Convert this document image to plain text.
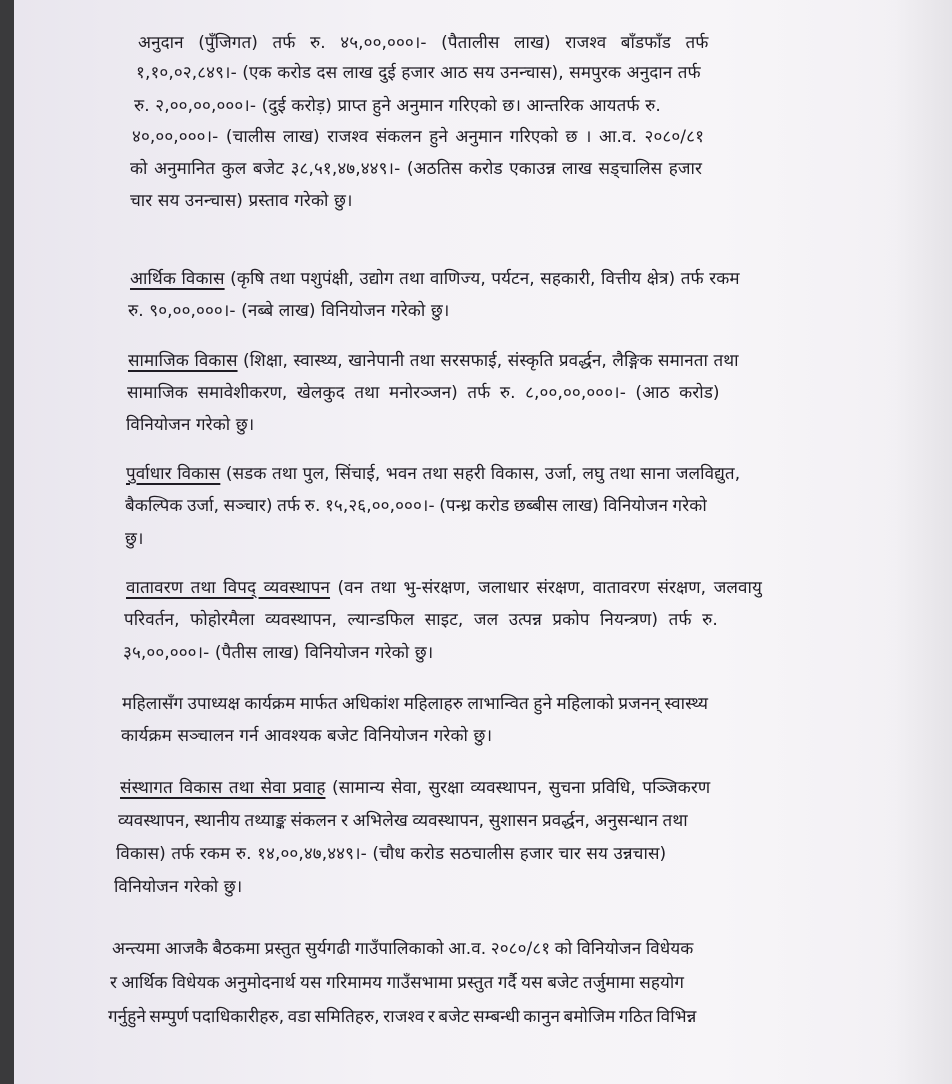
अनुदान (पुँजिगत) तर्फ रु. ४५,००,०००।- (पैतालीस लाख) राजश्व बाँडफाँड तर्फ
१,१०,०२,८४९।- (एक करोड दस लाख दुई हजार आठ सय उनन्चास), समपुरक अनुदान तर्फ
रु. २,००,००,०००।- (दुई करोड़) प्राप्त हुने अनुमान गरिएको छ। आन्तरिक आयतर्फ रु.
४०,००,०००।- (चालीस लाख) राजश्व संकलन हुने अनुमान गरिएको छ । आ.व. २०८०/८१
को अनुमानित कुल बजेट ३८,५१,४७,४४९।- (अठतिस करोड एकाउन्न लाख सड्चालिस हजार
चार सय उनन्चास) प्रस्ताव गरेको छु।
आर्थिक विकास (कृषि तथा पशुपंक्षी, उद्योग तथा वाणिज्य, पर्यटन, सहकारी, वित्तीय क्षेत्र) तर्फ रकम
रु. ९०,००,०००।- (नब्बे लाख) विनियोजन गरेको छु।
सामाजिक विकास (शिक्षा, स्वास्थ्य, खानेपानी तथा सरसफाई, संस्कृति प्रवर्द्धन, लैङ्गिक समानता तथा
सामाजिक समावेशीकरण, खेलकुद तथा मनोरञ्जन) तर्फ रु. ८,००,००,०००।- (आठ करोड)
विनियोजन गरेको छु।
पुर्वाधार विकास (सडक तथा पुल, सिंचाई, भवन तथा सहरी विकास, उर्जा, लघु तथा साना जलविद्युत,
बैकल्पिक उर्जा, सञ्चार) तर्फ रु. १५,२६,००,०००।- (पन्ध्र करोड छब्बीस लाख) विनियोजन गरेको
छु।
वातावरण तथा विपद् व्यवस्थापन (वन तथा भु-संरक्षण, जलाधार संरक्षण, वातावरण संरक्षण, जलवायु
परिवर्तन, फोहोरमैला व्यवस्थापन, ल्यान्डफिल साइट, जल उत्पन्न प्रकोप नियन्त्रण) तर्फ रु.
३५,००,०००।- (पैतीस लाख) विनियोजन गरेको छु।
महिलासँग उपाध्यक्ष कार्यक्रम मार्फत अधिकांश महिलाहरु लाभान्वित हुने महिलाको प्रजनन् स्वास्थ्य
कार्यक्रम सञ्चालन गर्न आवश्यक बजेट विनियोजन गरेको छु।
संस्थागत विकास तथा सेवा प्रवाह (सामान्य सेवा, सुरक्षा व्यवस्थापन, सुचना प्रविधि, पञ्जिकरण
व्यवस्थापन, स्थानीय तथ्याङ्क संकलन र अभिलेख व्यवस्थापन, सुशासन प्रवर्द्धन, अनुसन्धान तथा
विकास) तर्फ रकम रु. १४,००,४७,४४९।- (चौध करोड सठचालीस हजार चार सय उन्नचास)
विनियोजन गरेको छु।
अन्त्यमा आजकै बैठकमा प्रस्तुत सुर्यगढी गाउँपालिकाको आ.व. २०८०/८१ को विनियोजन विधेयक
र आर्थिक विधेयक अनुमोदनार्थ यस गरिमामय गाउँसभामा प्रस्तुत गर्दै यस बजेट तर्जुमामा सहयोग
गर्नुहुने सम्पुर्ण पदाधिकारीहरु, वडा समितिहरु, राजश्व र बजेट सम्बन्धी कानुन बमोजिम गठित विभिन्न
